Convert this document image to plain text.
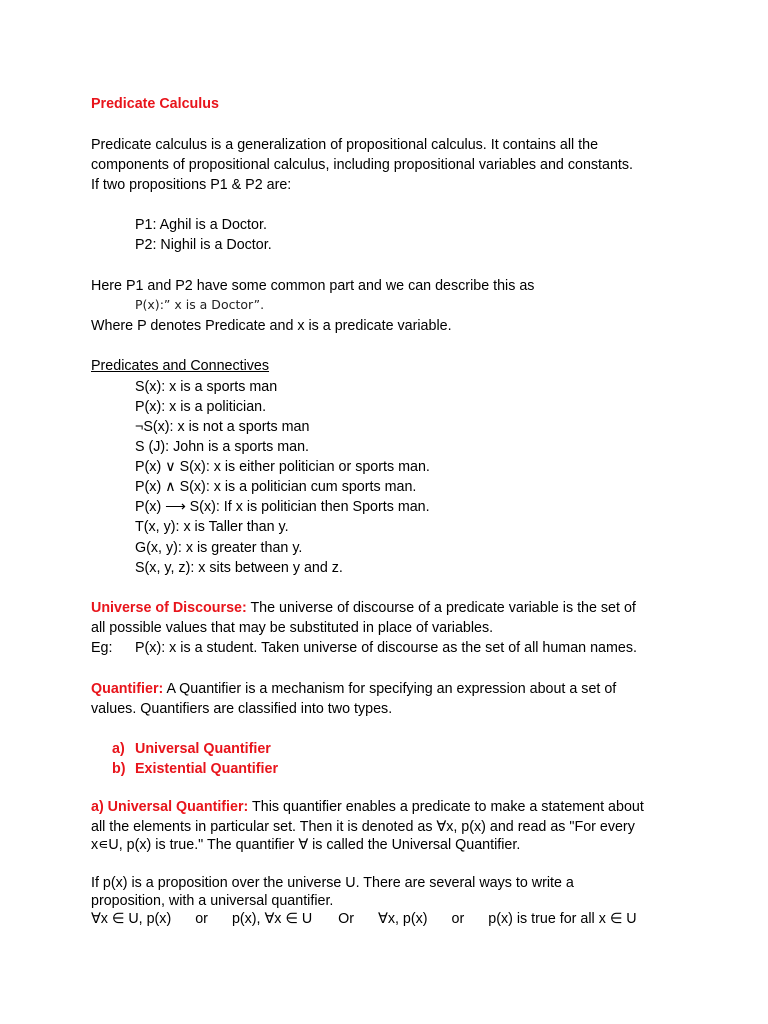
Predicate Calculus
Predicate calculus is a generalization of propositional calculus. It contains all the
components of propositional calculus, including propositional variables and constants.
If two propositions P1 & P2 are:
P1: Aghil is a Doctor.
P2: Nighil is a Doctor.
Here P1 and P2 have some common part and we can describe this as
P(x):” x is a Doctor”.
Where P denotes Predicate and x is a predicate variable.
Predicates and Connectives
S(x): x is a sports man
P(x): x is a politician.
¬S(x): x is not a sports man
S (J): John is a sports man.
P(x) ∨ S(x): x is either politician or sports man.
P(x) ∧ S(x): x is a politician cum sports man.
P(x) ⟶ S(x): If x is politician then Sports man.
T(x, y): x is Taller than y.
G(x, y): x is greater than y.
S(x, y, z): x sits between y and z.
Universe of Discourse: The universe of discourse of a predicate variable is the set of
all possible values that may be substituted in place of variables.
Eg: P(x): x is a student. Taken universe of discourse as the set of all human names.
Quantifier: A Quantifier is a mechanism for specifying an expression about a set of
values. Quantifiers are classified into two types.
a) Universal Quantifier
b) Existential Quantifier
a) Universal Quantifier: This quantifier enables a predicate to make a statement about
all the elements in particular set. Then it is denoted as ∀x, p(x) and read as "For every
x∊U, p(x) is true." The quantifier ∀ is called the Universal Quantifier.
If p(x) is a proposition over the universe U. There are several ways to write a
proposition, with a universal quantifier.
∀x ∈ U, p(x) or p(x), ∀x ∈ U Or ∀x, p(x) or p(x) is true for all x ∈ U
